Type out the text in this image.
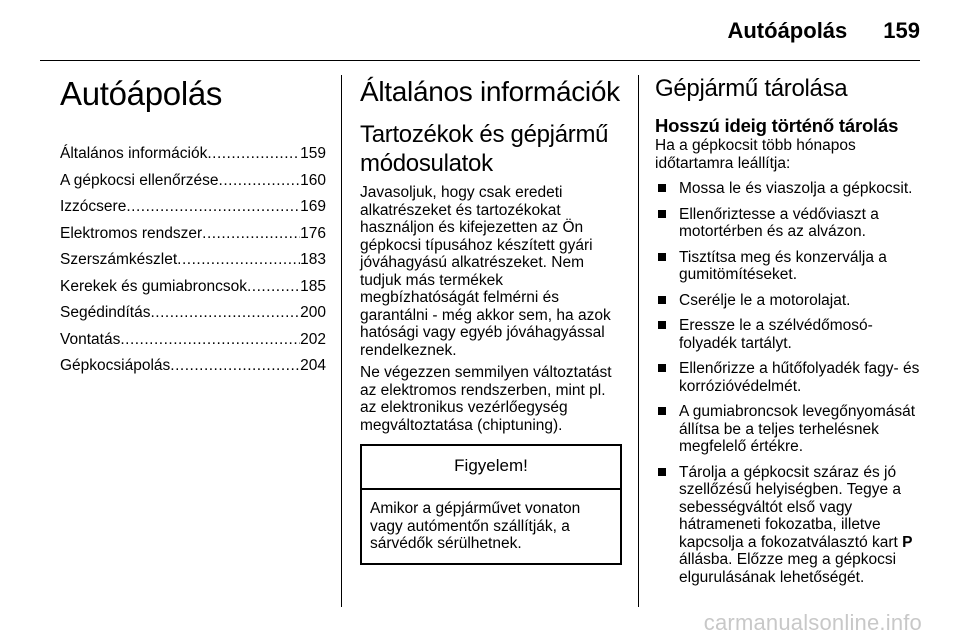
Autóápolás 159
Autóápolás
Általános információk .....	159
A gépkocsi ellenőrzése .....	160
Izzócsere .....	169
Elektromos rendszer .....	176
Szerszámkészlet .....	183
Kerekek és gumiabroncsok .....	185
Segédindítás .....	200
Vontatás .....	202
Gépkocsiápolás .....	204
Általános információk
Tartozékok és gépjármű módosulatok

Javasoljuk, hogy csak eredeti alkatrészeket és tartozékokat használjon és kifejezetten az Ön gépkocsi típusához készített gyári jóváhagyású alkatrészeket. Nem tudjuk más termékek megbízhatóságát felmérni és garantálni - még akkor sem, ha azok hatósági vagy egyéb jóváhagyással rendelkeznek.

Ne végezzen semmilyen változtatást az elektromos rendszerben, mint pl. az elektronikus vezérlőegység megváltoztatása (chiptuning).

Figyelem!
Amikor a gépjárművet vonaton vagy autómentőn szállítják, a sárvédők sérülhetnek.
Gépjármű tárolása
Hosszú ideig történő tárolás

Ha a gépkocsit több hónapos időtartamra leállítja:

Mossa le és viaszolja a gépkocsit.
Ellenőriztesse a védőviaszt a motortérben és az alvázon.
Tisztítsa meg és konzerválja a gumitömítéseket.
Cserélje le a motorolajat.
Eressze le a szélvédőmosó-folyadék tartályt.
Ellenőrizze a hűtőfolyadék fagy- és korrózióvédelmét.
A gumiabroncsok levegőnyomását állítsa be a teljes terhelésnek megfelelő értékre.
Tárolja a gépkocsit száraz és jó szellőzésű helyiségben. Tegye a sebességváltót első vagy hátrameneti fokozatba, illetve kapcsolja a fokozatválasztó kart P állásba. Előzze meg a gépkocsi elgurulásának lehetőségét.
carmanualsonline.info
